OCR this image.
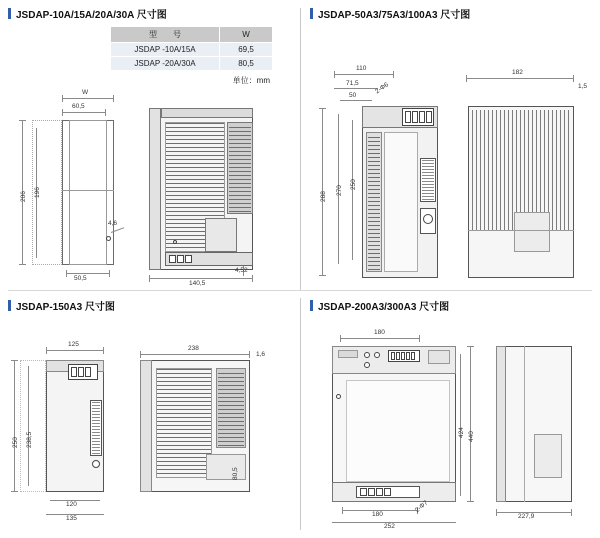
JSDAP-10A/15A/20A/30A 尺寸图
型　　号	W
JSDAP -10A/15A	69,5
JSDAP -20A/30A	80,5
单位：mm
W
60,5
206 196
50,5
4,6
140,5
4,52
JSDAP-50A3/75A3/100A3 尺寸图
110
71,5
50
2-Φ6
182
1,5
288
270
250
JSDAP-150A3 尺寸图
125
238
1,6
250 238,5
120
135
80,5
JSDAP-200A3/300A3 尺寸图
180
440
424
180
2-Φ7
252
227,9
